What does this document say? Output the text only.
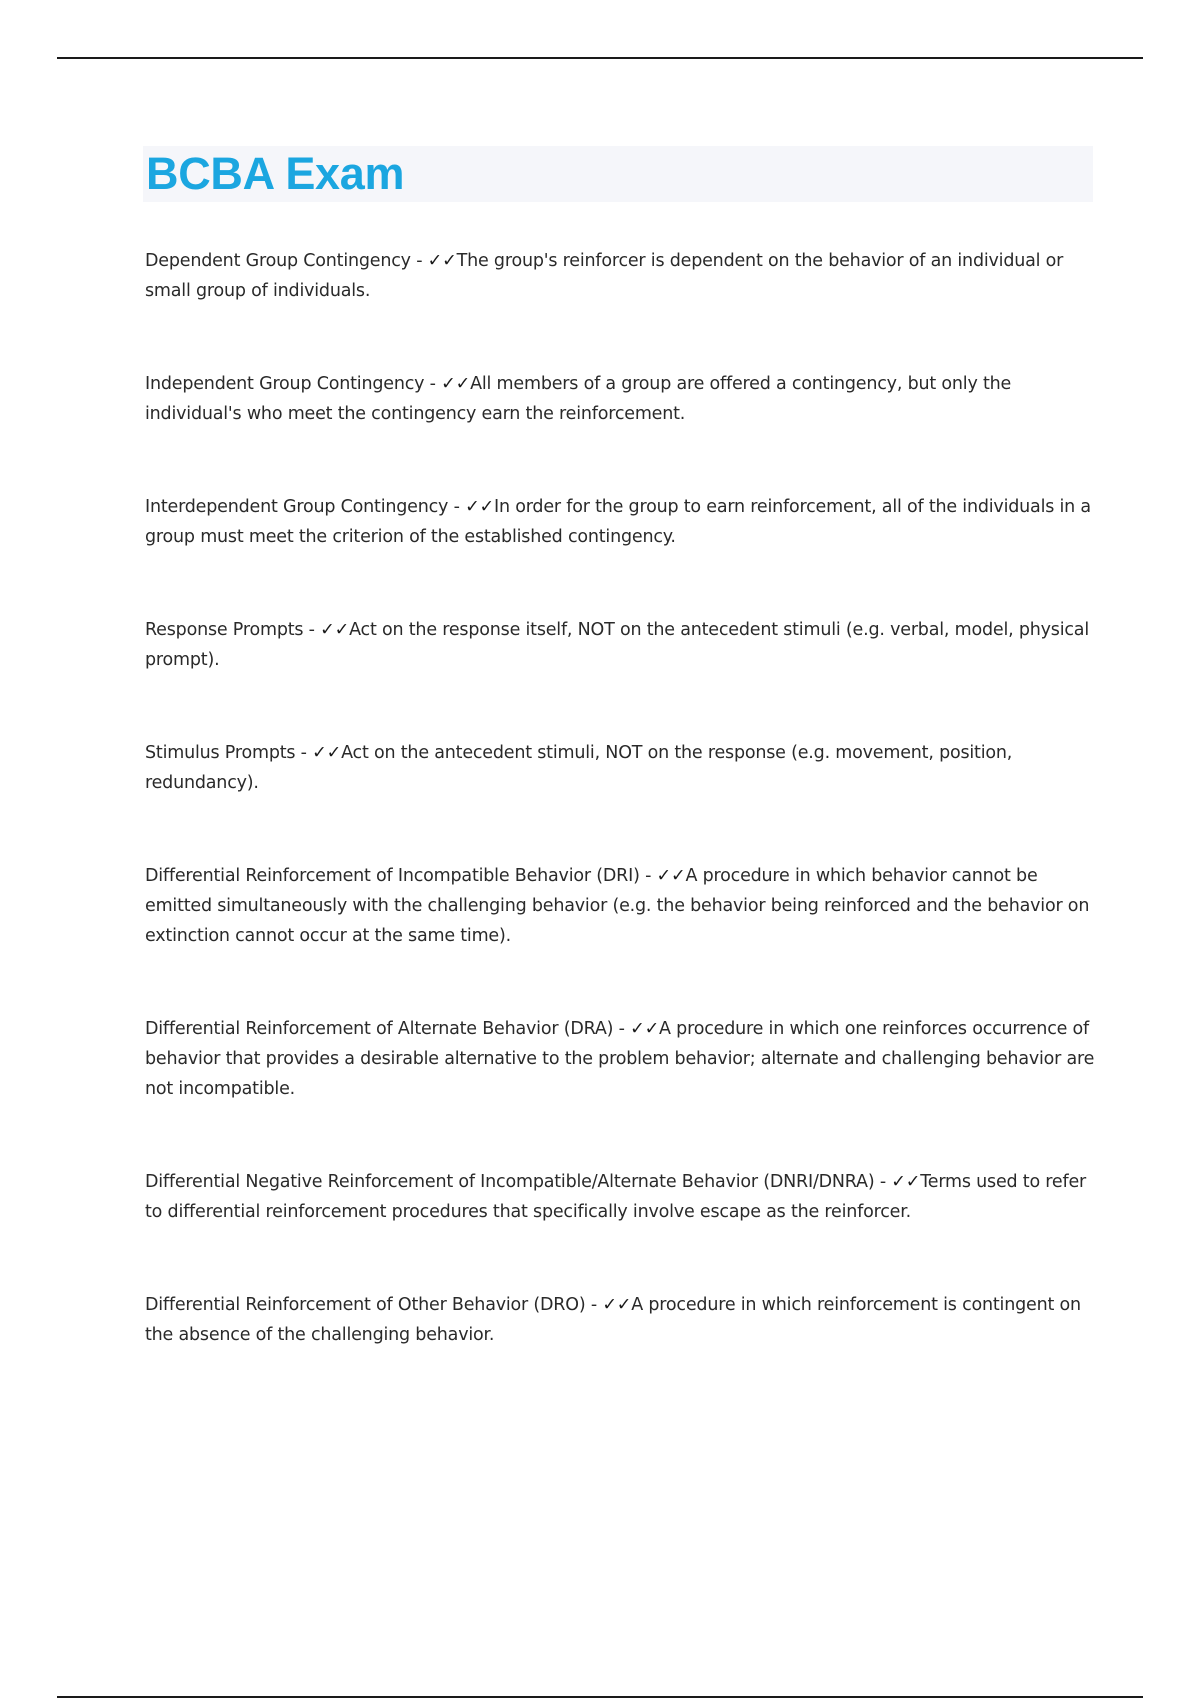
BCBA Exam

Dependent Group Contingency - ✓✓The group's reinforcer is dependent on the behavior of an individual or small group of individuals.

Independent Group Contingency - ✓✓All members of a group are offered a contingency, but only the individual's who meet the contingency earn the reinforcement.

Interdependent Group Contingency - ✓✓In order for the group to earn reinforcement, all of the individuals in a group must meet the criterion of the established contingency.

Response Prompts - ✓✓Act on the response itself, NOT on the antecedent stimuli (e.g. verbal, model, physical prompt).

Stimulus Prompts - ✓✓Act on the antecedent stimuli, NOT on the response (e.g. movement, position, redundancy).

Differential Reinforcement of Incompatible Behavior (DRI) - ✓✓A procedure in which behavior cannot be emitted simultaneously with the challenging behavior (e.g. the behavior being reinforced and the behavior on extinction cannot occur at the same time).

Differential Reinforcement of Alternate Behavior (DRA) - ✓✓A procedure in which one reinforces occurrence of behavior that provides a desirable alternative to the problem behavior; alternate and challenging behavior are not incompatible.

Differential Negative Reinforcement of Incompatible/Alternate Behavior (DNRI/DNRA) - ✓✓Terms used to refer to differential reinforcement procedures that specifically involve escape as the reinforcer.

Differential Reinforcement of Other Behavior (DRO) - ✓✓A procedure in which reinforcement is contingent on the absence of the challenging behavior.
